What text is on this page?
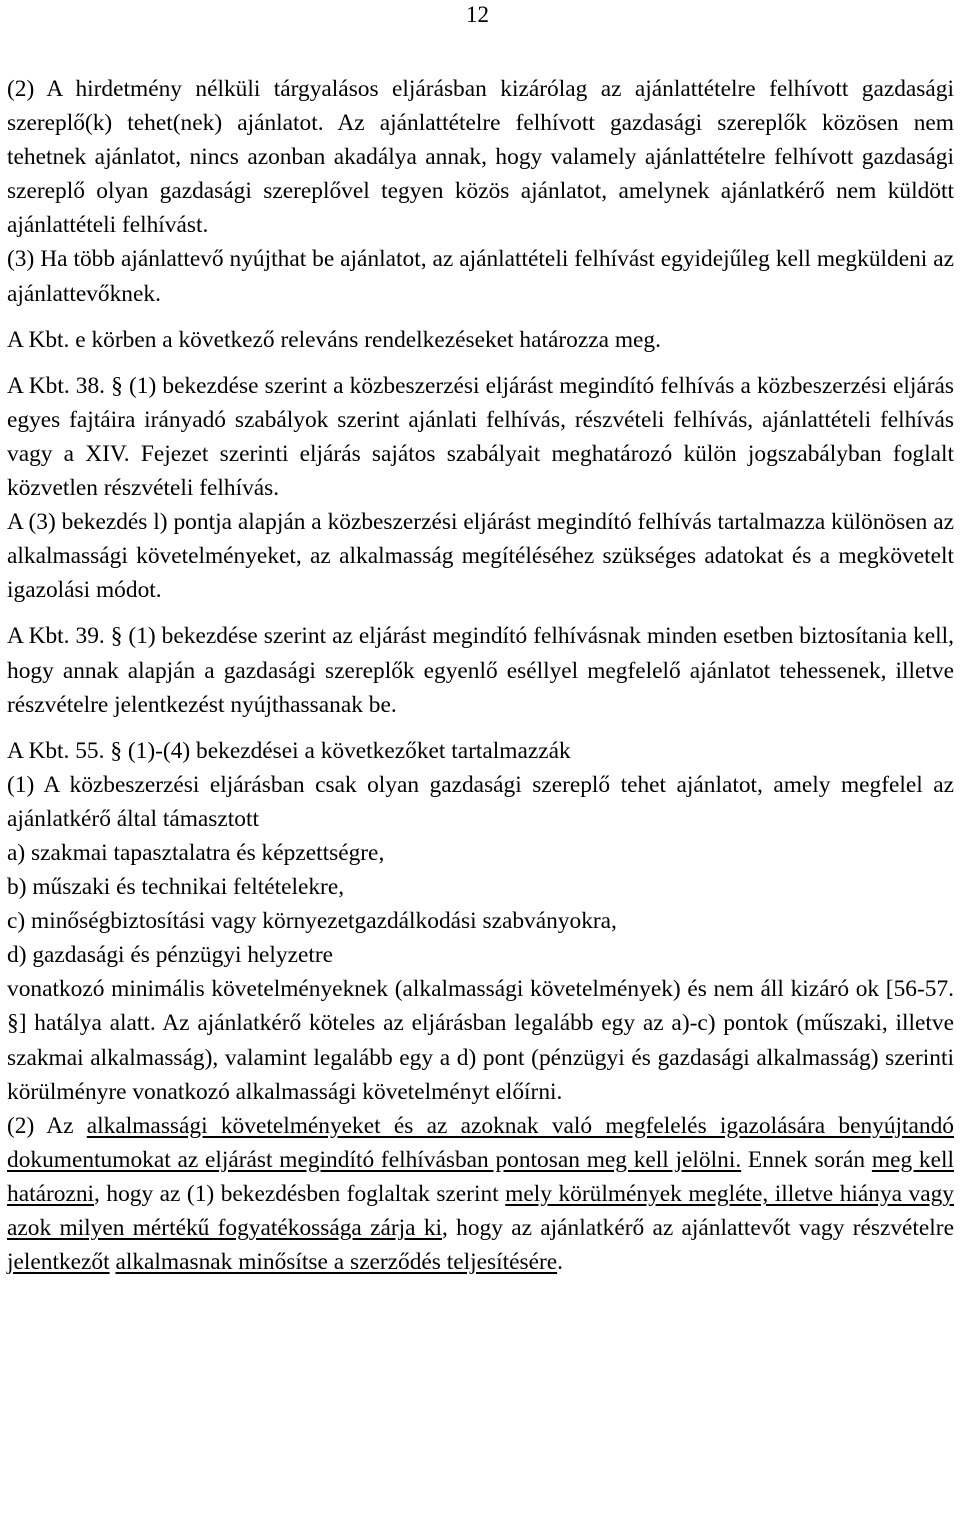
12

(2) A hirdetmény nélküli tárgyalásos eljárásban kizárólag az ajánlattételre felhívott gazdasági szereplő(k) tehet(nek) ajánlatot. Az ajánlattételre felhívott gazdasági szereplők közösen nem tehetnek ajánlatot, nincs azonban akadálya annak, hogy valamely ajánlattételre felhívott gazdasági szereplő olyan gazdasági szereplővel tegyen közös ajánlatot, amelynek ajánlatkérő nem küldött ajánlattételi felhívást.

(3) Ha több ajánlattevő nyújthat be ajánlatot, az ajánlattételi felhívást egyidejűleg kell megküldeni az ajánlattevőknek.

A Kbt. e körben a következő releváns rendelkezéseket határozza meg.

A Kbt. 38. § (1) bekezdése szerint a közbeszerzési eljárást megindító felhívás a közbeszerzési eljárás egyes fajtáira irányadó szabályok szerint ajánlati felhívás, részvételi felhívás, ajánlattételi felhívás vagy a XIV. Fejezet szerinti eljárás sajátos szabályait meghatározó külön jogszabályban foglalt közvetlen részvételi felhívás.

A (3) bekezdés l) pontja alapján a közbeszerzési eljárást megindító felhívás tartalmazza különösen az alkalmassági követelményeket, az alkalmasság megítéléséhez szükséges adatokat és a megkövetelt igazolási módot.

A Kbt. 39. § (1) bekezdése szerint az eljárást megindító felhívásnak minden esetben biztosítania kell, hogy annak alapján a gazdasági szereplők egyenlő eséllyel megfelelő ajánlatot tehessenek, illetve részvételre jelentkezést nyújthassanak be.

A Kbt. 55. § (1)-(4) bekezdései a következőket tartalmazzák

(1) A közbeszerzési eljárásban csak olyan gazdasági szereplő tehet ajánlatot, amely megfelel az ajánlatkérő által támasztott

a) szakmai tapasztalatra és képzettségre,

b) műszaki és technikai feltételekre,

c) minőségbiztosítási vagy környezetgazdálkodási szabványokra,

d) gazdasági és pénzügyi helyzetre

vonatkozó minimális követelményeknek (alkalmassági követelmények) és nem áll kizáró ok [56-57. §] hatálya alatt. Az ajánlatkérő köteles az eljárásban legalább egy az a)-c) pontok (műszaki, illetve szakmai alkalmasság), valamint legalább egy a d) pont (pénzügyi és gazdasági alkalmasság) szerinti körülményre vonatkozó alkalmassági követelményt előírni.

(2) Az alkalmassági követelményeket és az azoknak való megfelelés igazolására benyújtandó dokumentumokat az eljárást megindító felhívásban pontosan meg kell jelölni. Ennek során meg kell határozni, hogy az (1) bekezdésben foglaltak szerint mely körülmények megléte, illetve hiánya vagy azok milyen mértékű fogyatékossága zárja ki, hogy az ajánlatkérő az ajánlattevőt vagy részvételre jelentkezőt alkalmasnak minősítse a szerződés teljesítésére.
